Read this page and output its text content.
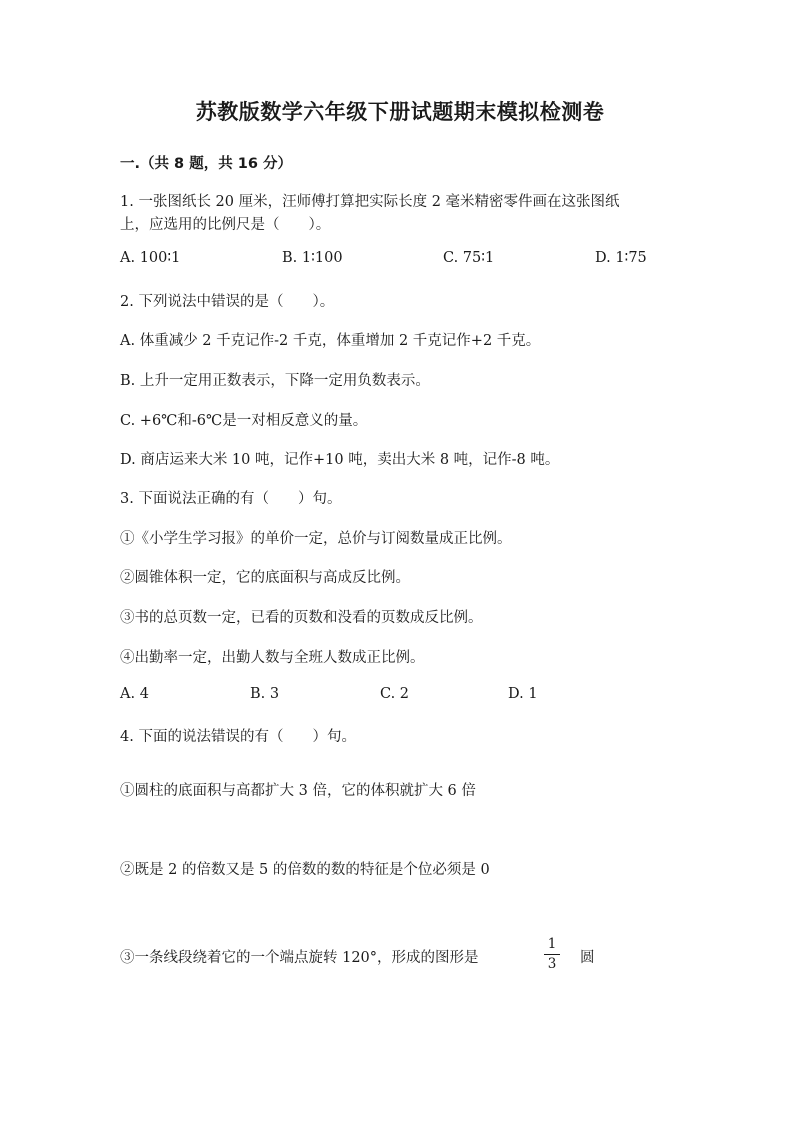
苏教版数学六年级下册试题期末模拟检测卷
一.（共 8 题，共 16 分）
1. 一张图纸长 20 厘米，汪师傅打算把实际长度 2 毫米精密零件画在这张图纸
上，应选用的比例尺是（　　）。
A. 100∶1	B. 1∶100	C. 75∶1	D. 1∶75
2. 下列说法中错误的是（　　）。
A. 体重减少 2 千克记作-2 千克，体重增加 2 千克记作+2 千克。
B. 上升一定用正数表示，下降一定用负数表示。
C. +6℃和-6℃是一对相反意义的量。
D. 商店运来大米 10 吨，记作+10 吨，卖出大米 8 吨，记作-8 吨。
3. 下面说法正确的有（　　）句。
①《小学生学习报》的单价一定，总价与订阅数量成正比例。
②圆锥体积一定，它的底面积与高成反比例。
③书的总页数一定，已看的页数和没看的页数成反比例。
④出勤率一定，出勤人数与全班人数成正比例。
A. 4	B. 3	C. 2	D. 1
4. 下面的说法错误的有（　　）句。
①圆柱的底面积与高都扩大 3 倍，它的体积就扩大 6 倍
②既是 2 的倍数又是 5 的倍数的数的特征是个位必须是 0
③一条线段绕着它的一个端点旋转 120°，形成的图形是
1
3 圆
